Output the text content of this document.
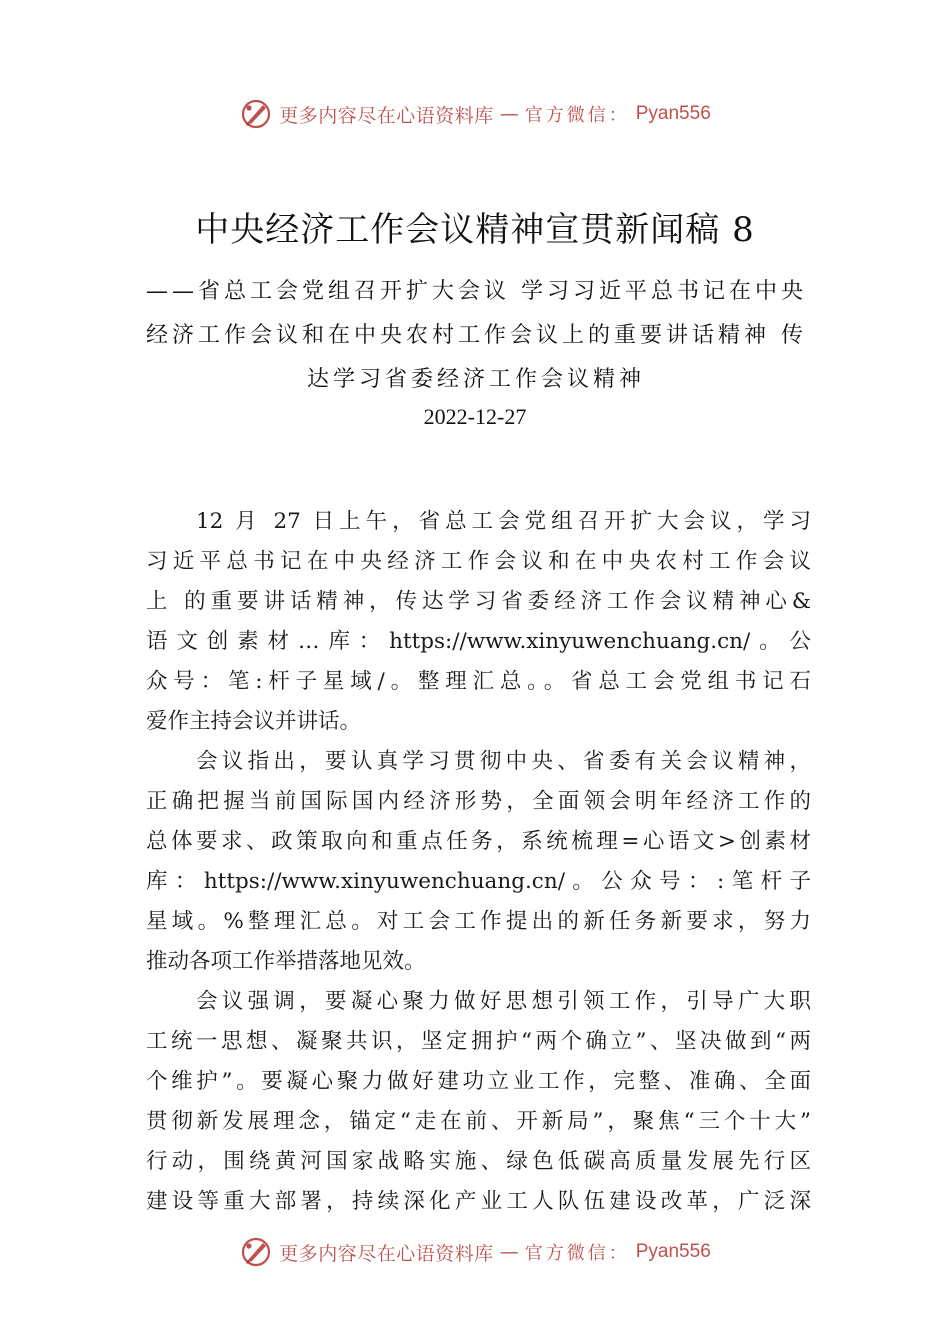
更多内容尽在心语资料库 — 官方微信： Pyan556
中央经济工作会议精神宣贯新闻稿 8
——省总工会党组召开扩大会议 学习习近平总书记在中央
经济工作会议和在中央农村工作会议上的重要讲话精神 传
达学习省委经济工作会议精神
2022-12-27

12 月 27 日上午，省总工会党组召开扩大会议，学习
习近平总书记在中央经济工作会议和在中央农村工作会议
上 的重要讲话精神，传达学习省委经济工作会议精神心&
语文创素材…库：https://www.xinyuwenchuang.cn/。公
众号：笔:杆子星域/。整理汇总。。省总工会党组书记石
爱作主持会议并讲话。

会议指出，要认真学习贯彻中央、省委有关会议精神，
正确把握当前国际国内经济形势，全面领会明年经济工作的
总体要求、政策取向和重点任务，系统梳理=心语文>创素材
库：https://www.xinyuwenchuang.cn/。公众号：:笔杆子
星域。%整理汇总。对工会工作提出的新任务新要求，努力
推动各项工作举措落地见效。

会议强调，要凝心聚力做好思想引领工作，引导广大职
工统一思想、凝聚共识，坚定拥护“两个确立”、坚决做到“两
个维护”。要凝心聚力做好建功立业工作，完整、准确、全面
贯彻新发展理念，锚定“走在前、开新局”，聚焦“三个十大”
行动，围绕黄河国家战略实施、绿色低碳高质量发展先行区
建设等重大部署，持续深化产业工人队伍建设改革，广泛深

更多内容尽在心语资料库 — 官方微信： Pyan556
